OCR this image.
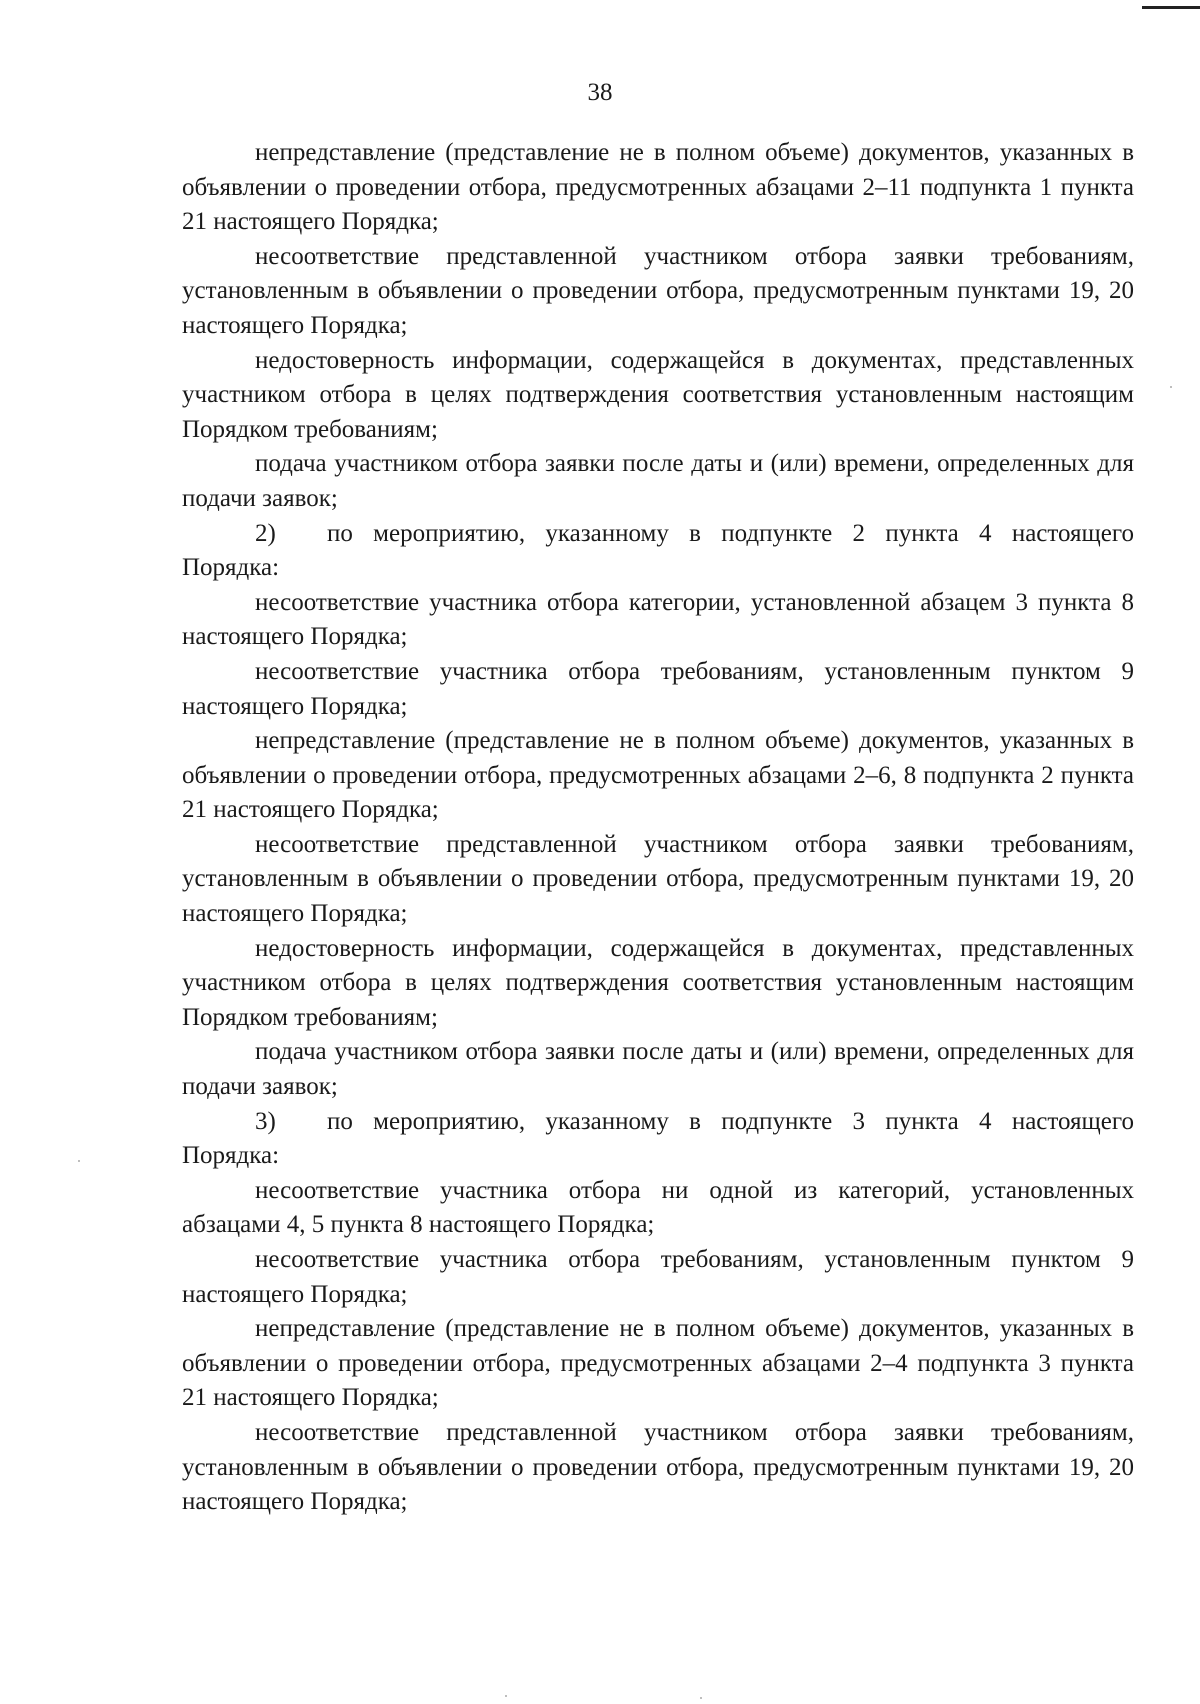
38

непредставление (представление не в полном объеме) документов, указанных в объявлении о проведении отбора, предусмотренных абзацами 2–11 подпункта 1 пункта 21 настоящего Порядка;

несоответствие представленной участником отбора заявки требованиям, установленным в объявлении о проведении отбора, предусмотренным пунктами 19, 20 настоящего Порядка;

недостоверность информации, содержащейся в документах, представленных участником отбора в целях подтверждения соответствия установленным настоящим Порядком требованиям;

подача участником отбора заявки после даты и (или) времени, определенных для подачи заявок;

2)	по мероприятию, указанному в подпункте 2 пункта 4 настоящего
Порядка:

несоответствие участника отбора категории, установленной абзацем 3 пункта 8 настоящего Порядка;

несоответствие участника отбора требованиям, установленным пунктом 9 настоящего Порядка;

непредставление (представление не в полном объеме) документов, указанных в объявлении о проведении отбора, предусмотренных абзацами 2–6, 8 подпункта 2 пункта 21 настоящего Порядка;

несоответствие представленной участником отбора заявки требованиям, установленным в объявлении о проведении отбора, предусмотренным пунктами 19, 20 настоящего Порядка;

недостоверность информации, содержащейся в документах, представленных участником отбора в целях подтверждения соответствия установленным настоящим Порядком требованиям;

подача участником отбора заявки после даты и (или) времени, определенных для подачи заявок;

3)	по мероприятию, указанному в подпункте 3 пункта 4 настоящего
Порядка:

несоответствие участника отбора ни одной из категорий, установленных абзацами 4, 5 пункта 8 настоящего Порядка;

несоответствие участника отбора требованиям, установленным пунктом 9 настоящего Порядка;

непредставление (представление не в полном объеме) документов, указанных в объявлении о проведении отбора, предусмотренных абзацами 2–4 подпункта 3 пункта 21 настоящего Порядка;

несоответствие представленной участником отбора заявки требованиям, установленным в объявлении о проведении отбора, предусмотренным пунктами 19, 20 настоящего Порядка;
